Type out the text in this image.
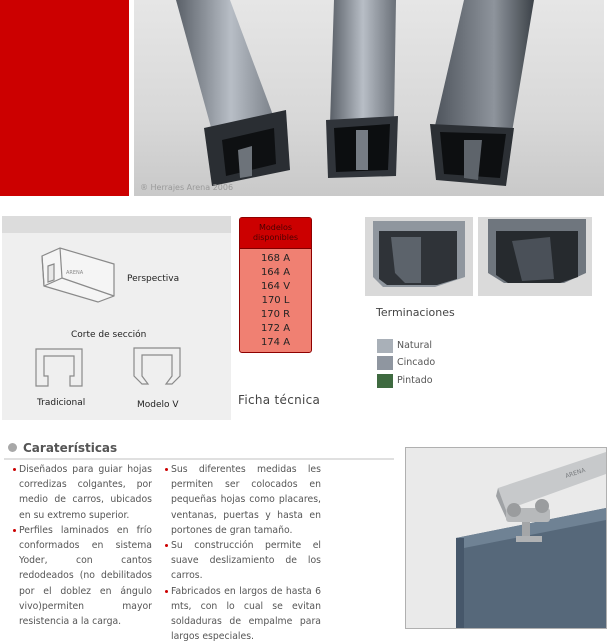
® Herrajes Arena 2006
ARENA
Perspectiva
Corte de sección
Tradicional	Modelo V
Modelos disponibles
168 A
164 A
164 V
170 L
170 R
172 A
174 A
Ficha técnica
Terminaciones
Natural
Cincado
Pintado
Caraterísticas
Diseñados para guiar hojas corredizas colgantes, por medio de carros, ubicados en su extremo superior.
Perfiles laminados en frío conformados en sistema Yoder, con cantos redodeados (no debilitados por el doblez en ángulo vivo)permiten mayor resistencia a la carga.
Sus diferentes medidas les permiten ser colocados en pequeñas hojas como placares, ventanas, puertas y hasta en portones de gran tamaño.
Su construcción permite el suave deslizamiento de los carros.
Fabricados en largos de hasta 6 mts, con lo cual se evitan soldaduras de empalme para largos especiales.
ARENA
